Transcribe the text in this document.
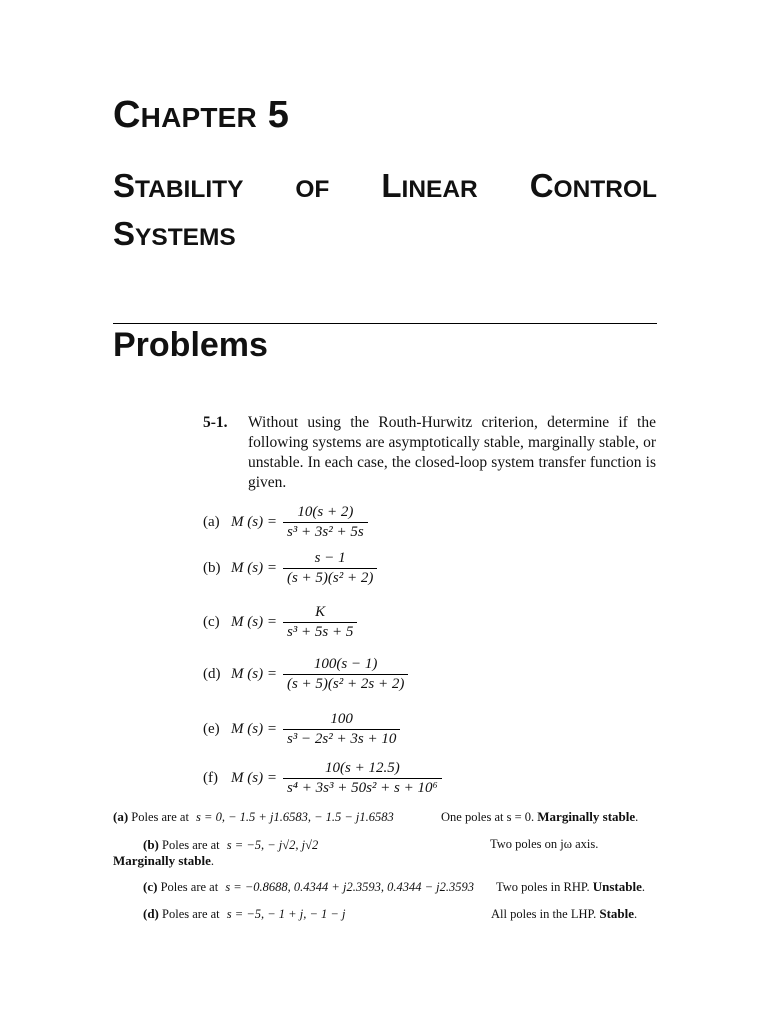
CHAPTER 5
STABILITY OF LINEAR CONTROL
SYSTEMS
Problems
5-1. Without using the Routh-Hurwitz criterion, determine if the following systems are asymptotically stable, marginally stable, or unstable. In each case, the closed-loop system transfer function is given.
(a) M $(s) = \frac{10(s + 2)}{\text{s³ + 3s² + 5s}}$
(b) M $(s) = \frac{s - 1}{\text{(s + 5)(s² + 2)}}$
(c) M $(s) = \frac{K}{\text{s³ + 5s + 5}}$
(d) M $(s) = \frac{100(s - 1)}{\text{(s + 5)(s² + 2s + 2)}}$
(e) M $(s) = \frac{100}{\text{s³ − 2s² + 3s + 10}}$
(f) M $(s) = \frac{10(s + 12.5)}{\text{s⁴ + 3s³ + 50s² + s + 10⁶}}$
(a) Poles are at s = 0, − 1.5 + j1.6583, − 1.5 − j1.6583	One poles at s = 0. Marginally stable.
(b) Poles are at s = −5, − j√2, j√2	Two poles on jω axis.
Marginally stable.
(c) Poles are at s = −0.8688, 0.4344 + j2.3593, 0.4344 − j2.3593 Two poles in RHP. Unstable.
(d) Poles are at s = −5, − 1 + j, − 1 − j	All poles in the LHP. Stable.
